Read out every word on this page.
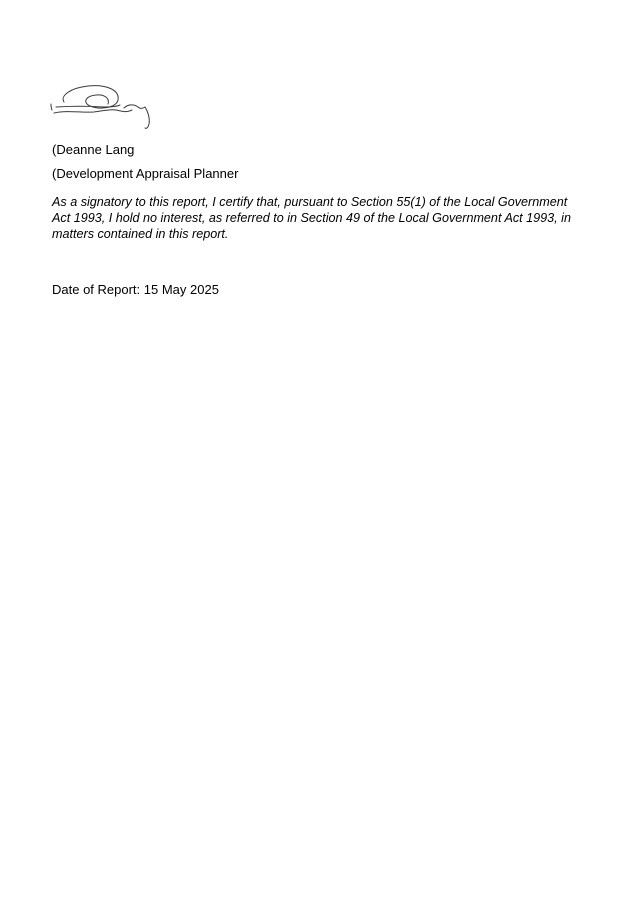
(Deanne Lang
(Development Appraisal Planner

As a signatory to this report, I certify that, pursuant to Section 55(1) of the Local Government Act 1993, I hold no interest, as referred to in Section 49 of the Local Government Act 1993, in matters contained in this report.

Date of Report: 15 May 2025
